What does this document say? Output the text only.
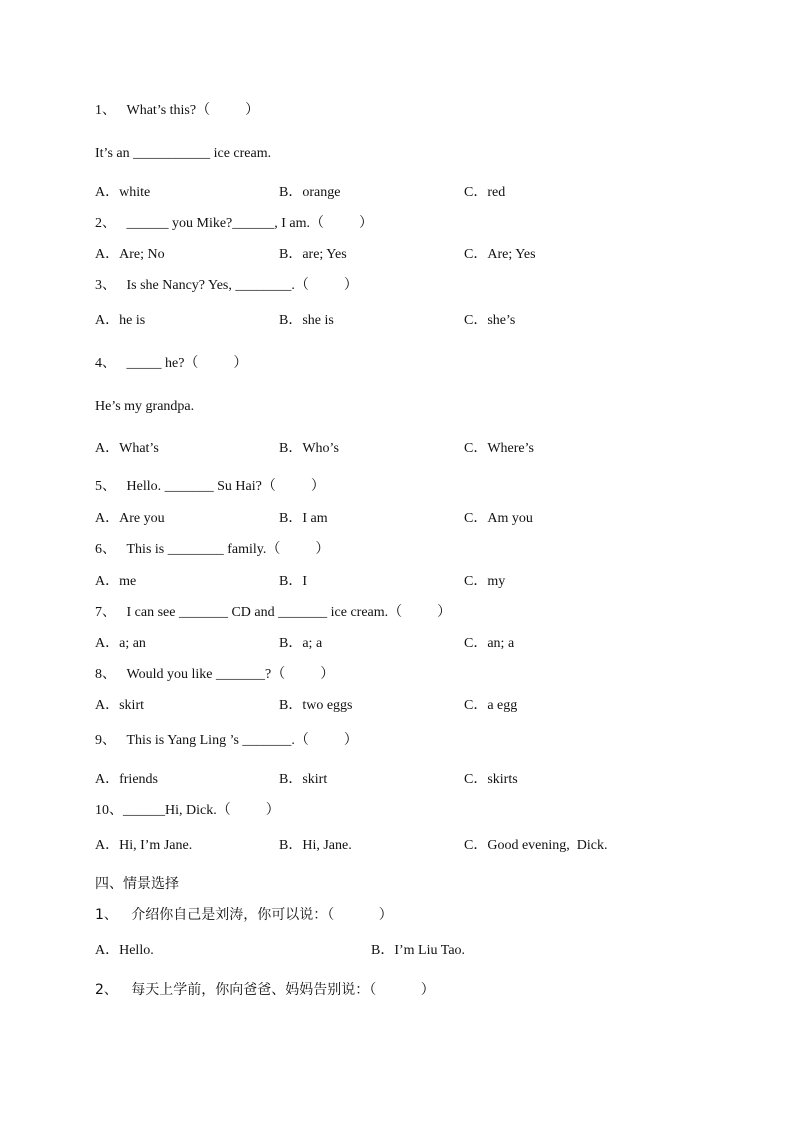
1、   What’s this?（          ）
It’s an ___________ ice cream.
A．white	B．orange	C．red
2、   ______ you Mike?______, I am.（          ）
A．Are; No	B．are; Yes	C．Are; Yes
3、   Is she Nancy? Yes, ________.（          ）
A．he is	B．she is	C．she’s
4、   _____ he?（          ）
He’s my grandpa.
A．What’s	B．Who’s	C．Where’s
5、   Hello. _______ Su Hai?（          ）
A．Are you	B．I am	C．Am you
6、   This is ________ family.（          ）
A．me	B．I	C．my
7、   I can see _______ CD and _______ ice cream.（          ）
A．a; an	B．a; a	C．an; a
8、   Would you like _______?（          ）
A．skirt	B．two eggs	C．a egg
9、   This is Yang Ling ’s _______.（          ）
A．friends	B．skirt	C．skirts
10、______Hi, Dick.（          ）
A．Hi, I’m Jane.	B．Hi, Jane.	C．Good evening,  Dick.
四、情景选择
1、   介绍你自己是刘涛，你可以说：（          ）
A．Hello.	B．I’m Liu Tao.
2、   每天上学前，你向爸爸、妈妈告别说：（          ）
